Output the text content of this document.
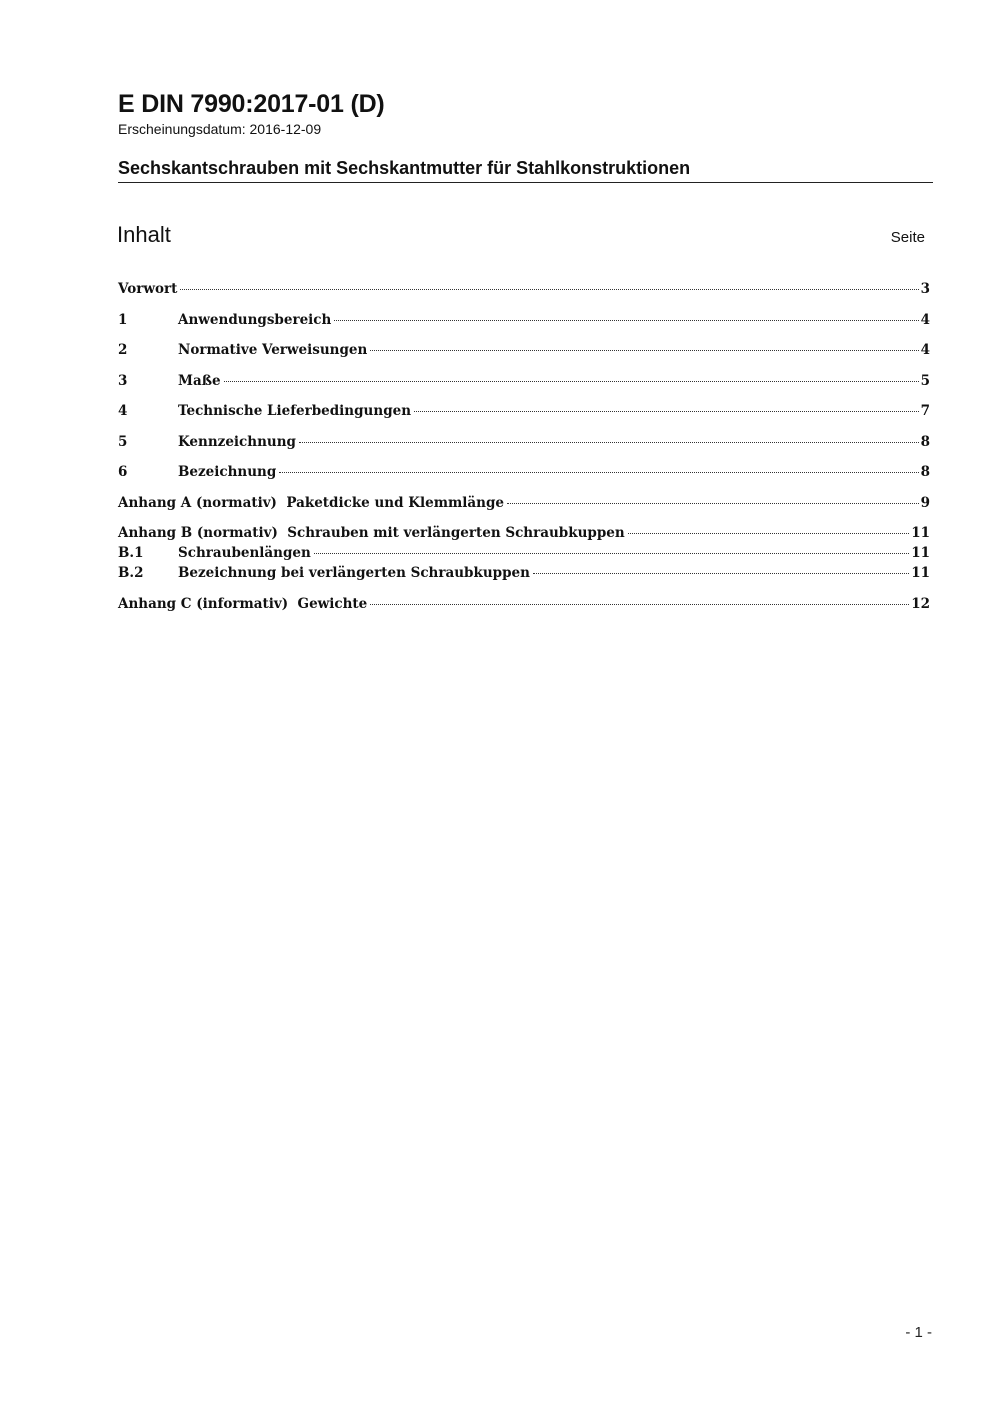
E DIN 7990:2017-01 (D)
Erscheinungsdatum: 2016-12-09
Sechskantschrauben mit Sechskantmutter für Stahlkonstruktionen
Inhalt	Seite
Vorwort	3
1	Anwendungsbereich	4
2	Normative Verweisungen	4
3	Maße	5
4	Technische Lieferbedingungen	7
5	Kennzeichnung	8
6	Bezeichnung	8
Anhang A (normativ)  Paketdicke und Klemmlänge	9
Anhang B (normativ)  Schrauben mit verlängerten Schraubkuppen	11
B.1	Schraubenlängen	11
B.2	Bezeichnung bei verlängerten Schraubkuppen	11
Anhang C (informativ)  Gewichte	12
- 1 -
